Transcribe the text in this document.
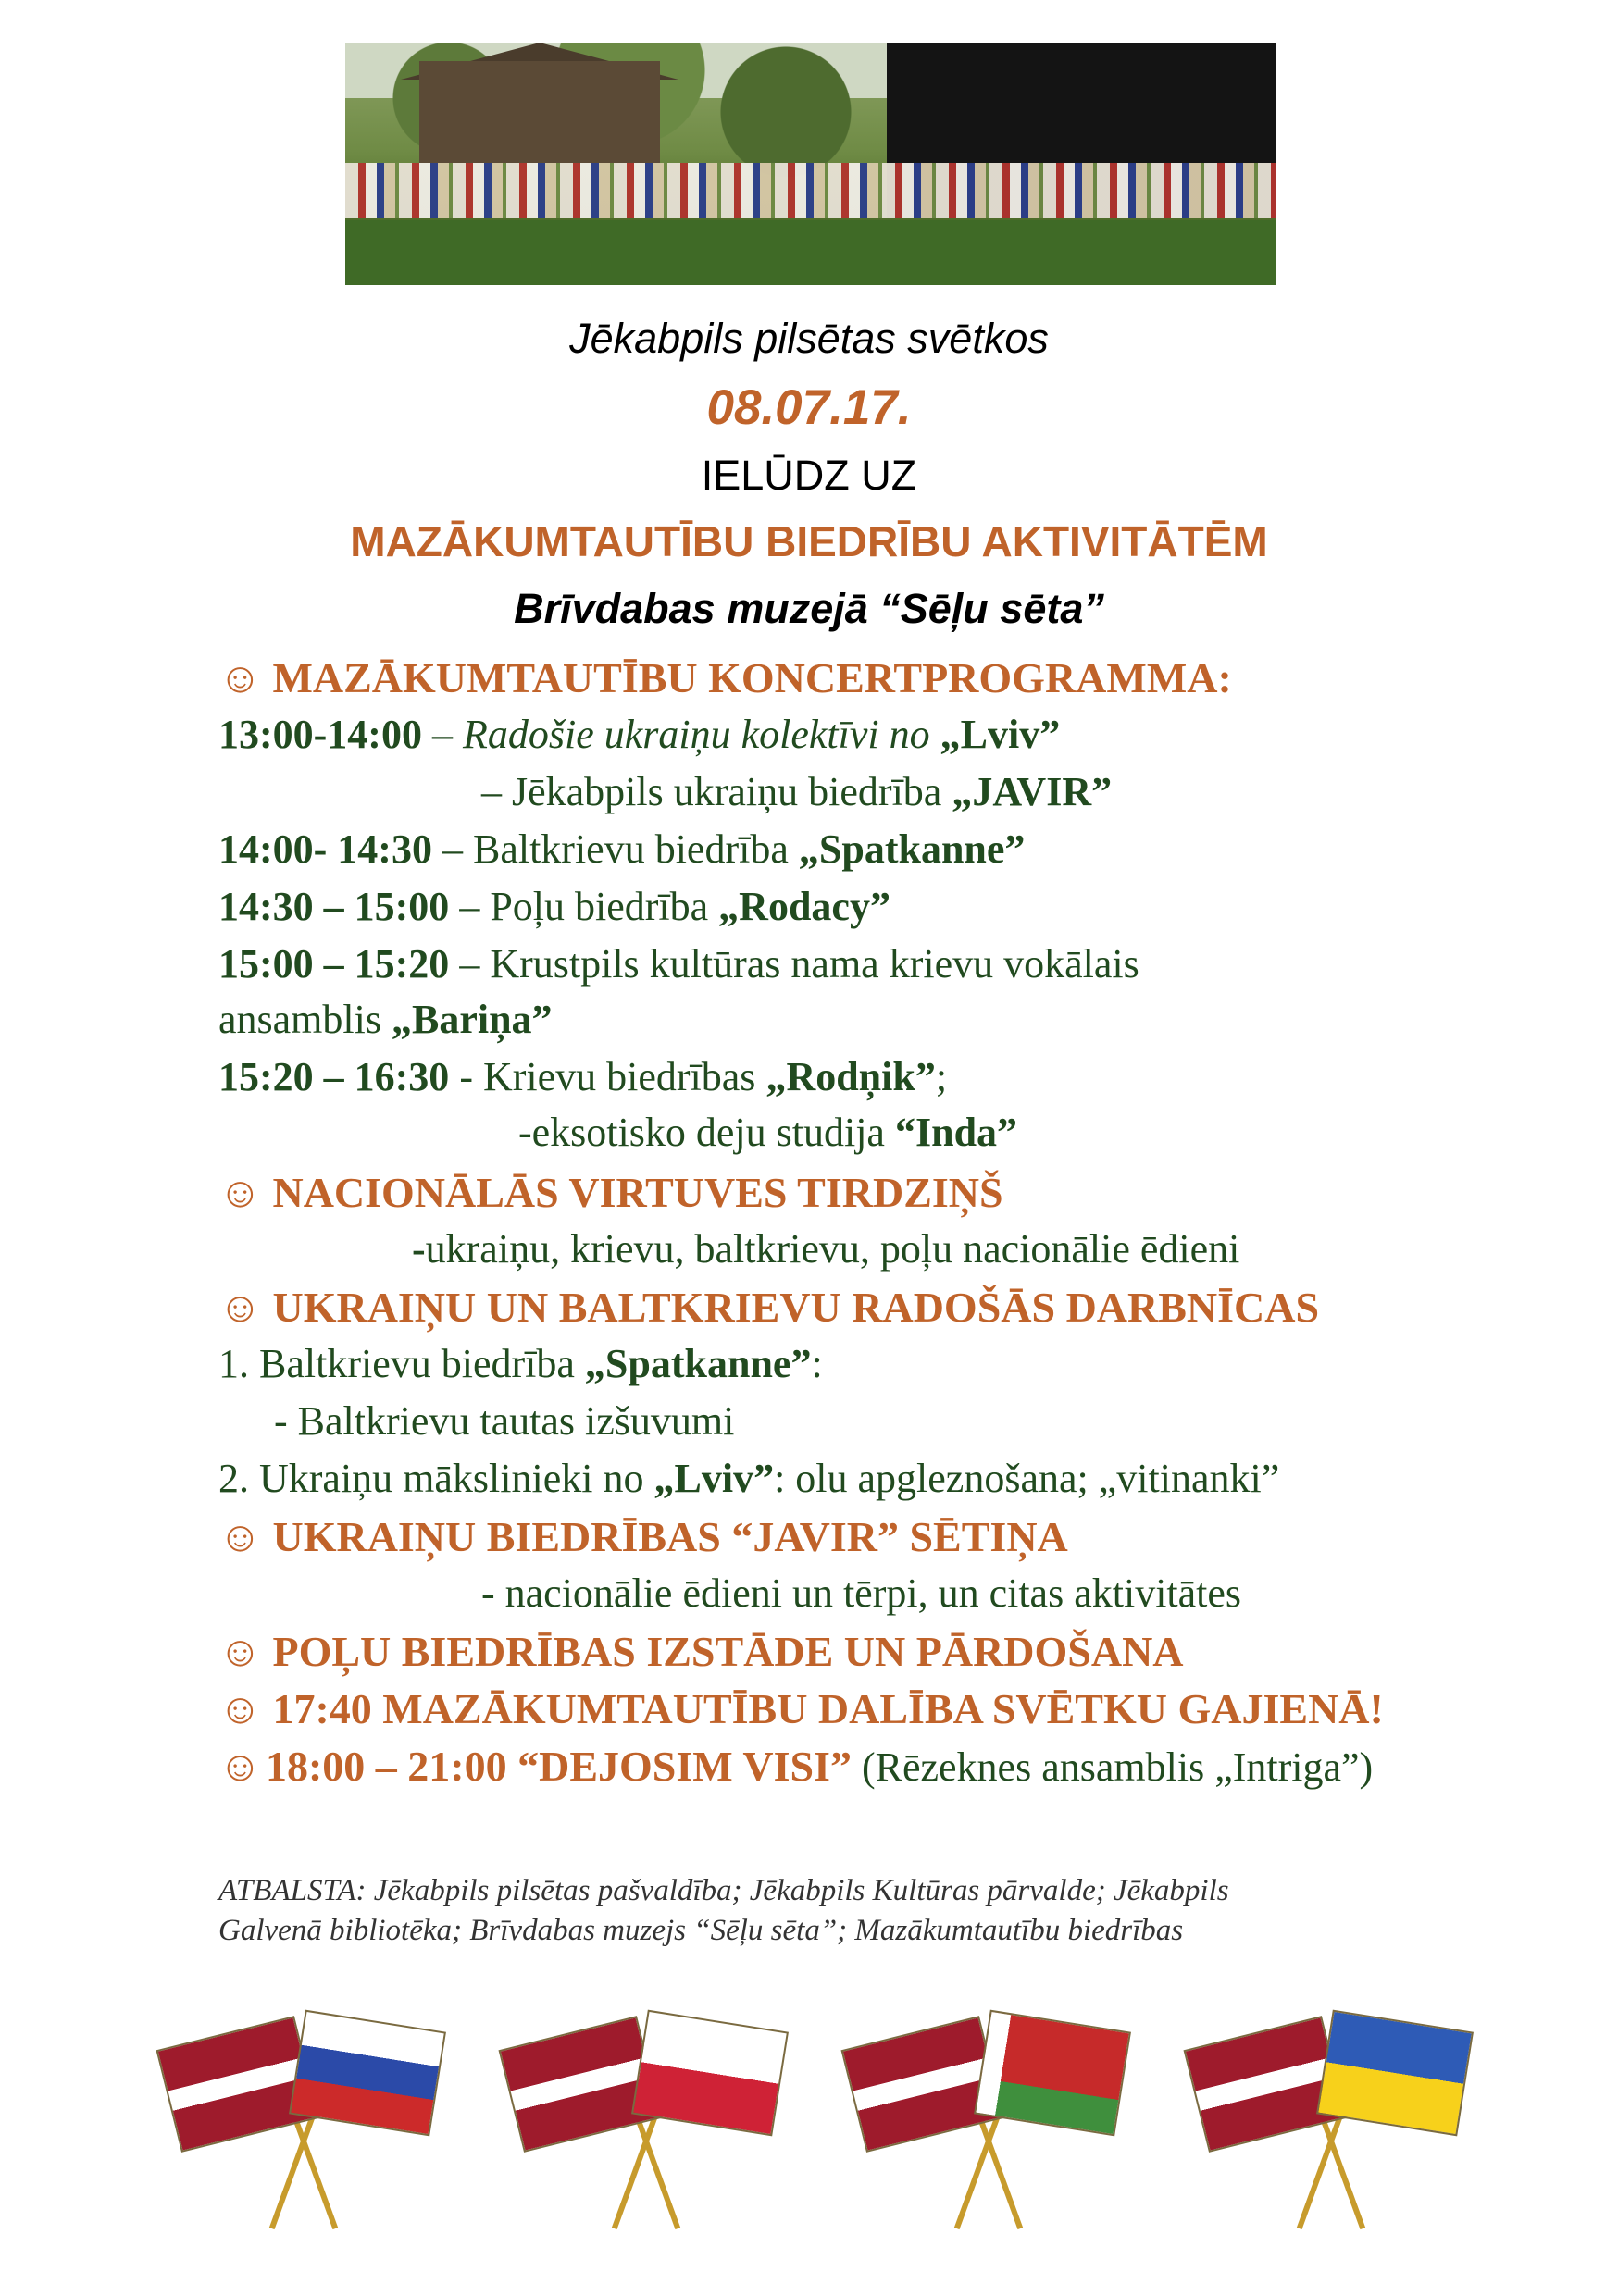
Jēkabpils pilsētas svētkos
08.07.17.
IELŪDZ UZ
MAZĀKUMTAUTĪBU BIEDRĪBU AKTIVITĀTĒM
Brīvdabas muzejā “Sēļu sēta”
☺ MAZĀKUMTAUTĪBU KONCERTPROGRAMMA:
13:00-14:00 – Radošie ukraiņu kolektīvi no „Lviv”
– Jēkabpils ukraiņu biedrība „JAVIR”
14:00- 14:30 – Baltkrievu biedrība „Spatkanne”
14:30 – 15:00 – Poļu biedrība „Rodacy”
15:00 – 15:20 – Krustpils kultūras nama krievu vokālais
ansamblis „Bariņa”
15:20 – 16:30 - Krievu biedrības „Rodņik”;
-eksotisko deju studija “Inda”
☺ NACIONĀLĀS VIRTUVES TIRDZIŅŠ
-ukraiņu, krievu, baltkrievu, poļu nacionālie ēdieni
☺ UKRAIŅU UN BALTKRIEVU RADOŠĀS DARBNĪCAS
1. Baltkrievu biedrība „Spatkanne”:
- Baltkrievu tautas izšuvumi
2. Ukraiņu mākslinieki no „Lviv”: olu apgleznošana; „vitinanki”
☺ UKRAIŅU BIEDRĪBAS “JAVIR” SĒTIŅA
- nacionālie ēdieni un tērpi, un citas aktivitātes
☺ POĻU BIEDRĪBAS IZSTĀDE UN PĀRDOŠANA
☺ 17:40 MAZĀKUMTAUTĪBU DALĪBA SVĒTKU GAJIENĀ!
☺ 18:00 – 21:00 “DEJOSIM VISI” (Rēzeknes ansamblis „Intriga”)
ATBALSTA: Jēkabpils pilsētas pašvaldība; Jēkabpils Kultūras pārvalde; Jēkabpils
Galvenā bibliotēka; Brīvdabas muzejs “Sēļu sēta”; Mazākumtautību biedrības
